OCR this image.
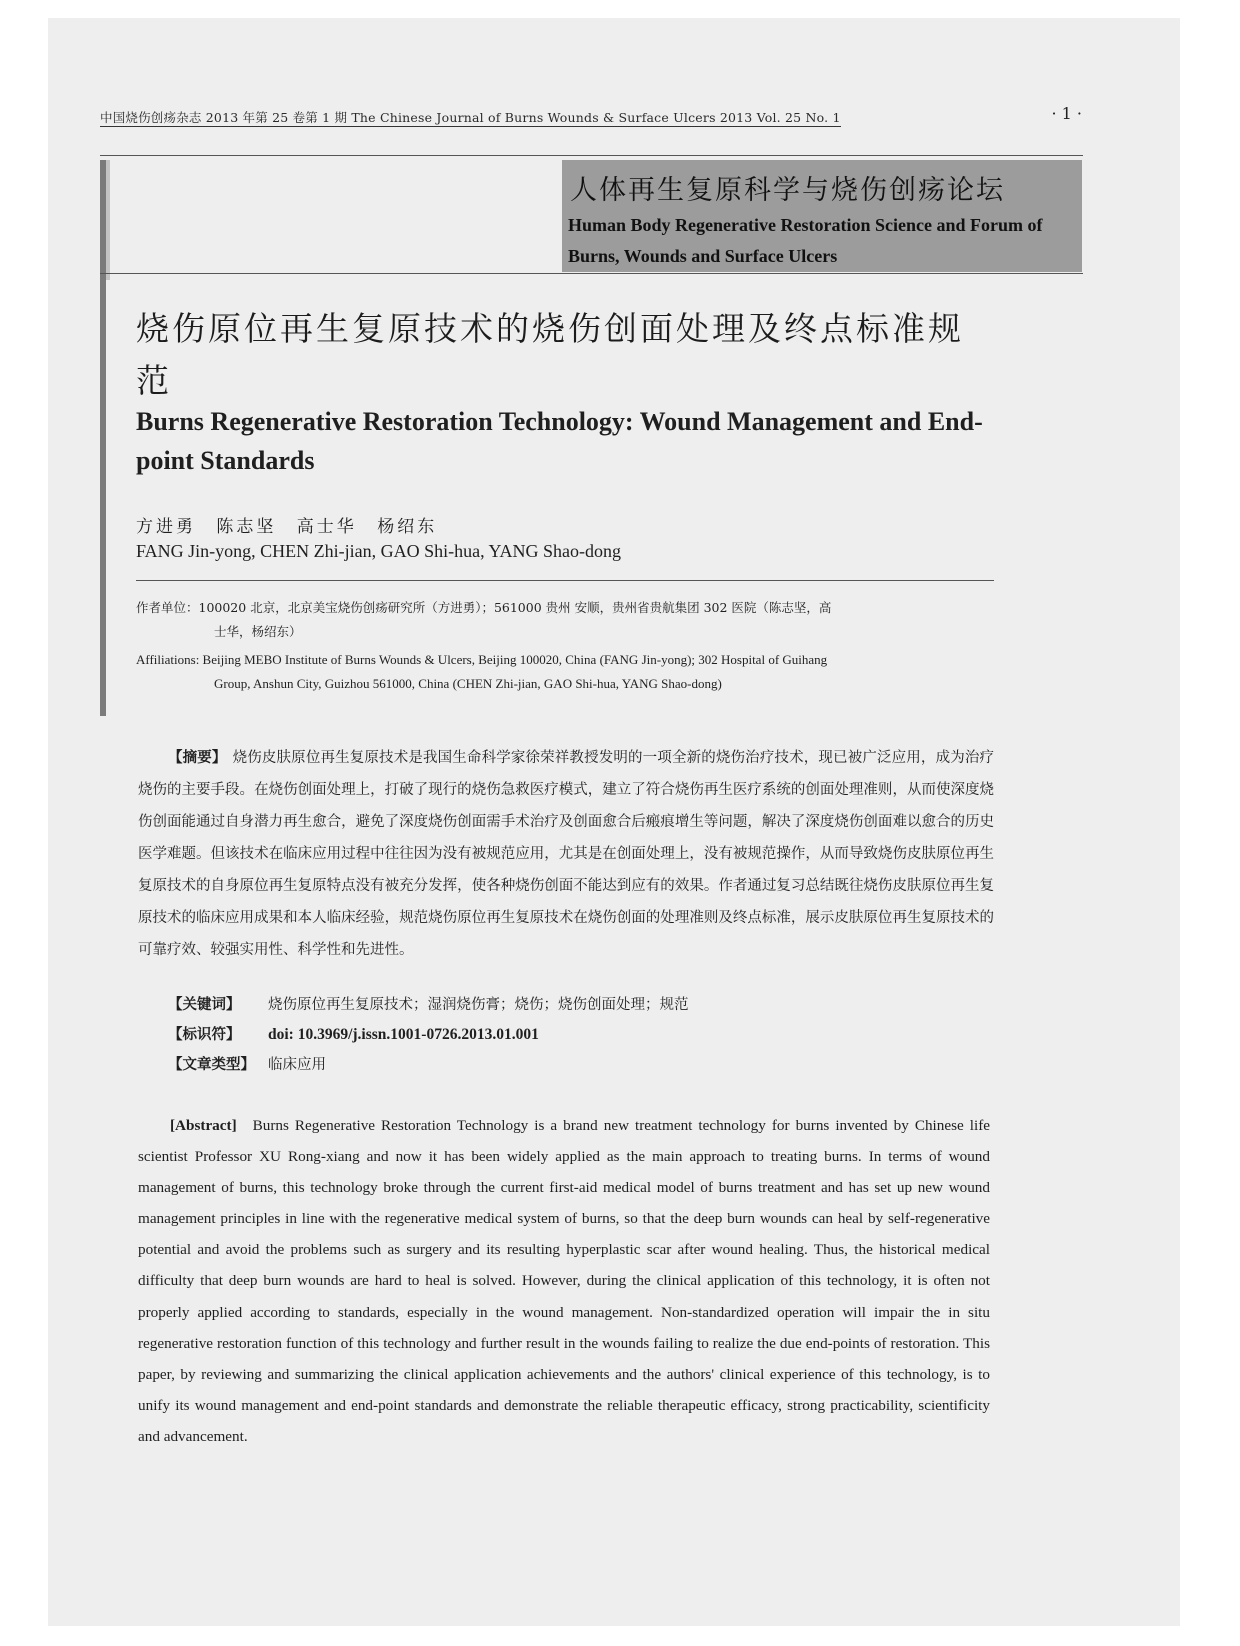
中国烧伤创疡杂志 2013 年第 25 卷第 1 期 The Chinese Journal of Burns Wounds & Surface Ulcers 2013 Vol. 25 No. 1	· 1 ·
人体再生复原科学与烧伤创疡论坛
Human Body Regenerative Restoration Science and Forum of Burns, Wounds and Surface Ulcers
烧伤原位再生复原技术的烧伤创面处理及终点标准规范
Burns Regenerative Restoration Technology: Wound Management and End-point Standards
方进勇 陈志坚 高士华 杨绍东
FANG Jin-yong, CHEN Zhi-jian, GAO Shi-hua, YANG Shao-dong
作者单位：100020 北京，北京美宝烧伤创疡研究所（方进勇）；561000 贵州 安顺，贵州省贵航集团 302 医院（陈志坚，高
士华，杨绍东）
Affiliations: Beijing MEBO Institute of Burns Wounds & Ulcers, Beijing 100020, China (FANG Jin-yong); 302 Hospital of Guihang
Group, Anshun City, Guizhou 561000, China (CHEN Zhi-jian, GAO Shi-hua, YANG Shao-dong)
【摘要】 烧伤皮肤原位再生复原技术是我国生命科学家徐荣祥教授发明的一项全新的烧伤治疗技术，现已被广泛应用，成为治疗烧伤的主要手段。在烧伤创面处理上，打破了现行的烧伤急救医疗模式，建立了符合烧伤再生医疗系统的创面处理准则，从而使深度烧伤创面能通过自身潜力再生愈合，避免了深度烧伤创面需手术治疗及创面愈合后瘢痕增生等问题，解决了深度烧伤创面难以愈合的历史医学难题。但该技术在临床应用过程中往往因为没有被规范应用，尤其是在创面处理上，没有被规范操作，从而导致烧伤皮肤原位再生复原技术的自身原位再生复原特点没有被充分发挥，使各种烧伤创面不能达到应有的效果。作者通过复习总结既往烧伤皮肤原位再生复原技术的临床应用成果和本人临床经验，规范烧伤原位再生复原技术在烧伤创面的处理准则及终点标准，展示皮肤原位再生复原技术的可靠疗效、较强实用性、科学性和先进性。
【关键词】 烧伤原位再生复原技术；湿润烧伤膏；烧伤；烧伤创面处理；规范
【标识符】 doi: 10.3969/j.issn.1001-0726.2013.01.001
【文章类型】 临床应用
[Abstract] Burns Regenerative Restoration Technology is a brand new treatment technology for burns invented by Chinese life scientist Professor XU Rong-xiang and now it has been widely applied as the main approach to treating burns. In terms of wound management of burns, this technology broke through the current first-aid medical model of burns treatment and has set up new wound management principles in line with the regenerative medical system of burns, so that the deep burn wounds can heal by self-regenerative potential and avoid the problems such as surgery and its resulting hyperplastic scar after wound healing. Thus, the historical medical difficulty that deep burn wounds are hard to heal is solved. However, during the clinical application of this technology, it is often not properly applied according to standards, especially in the wound management. Non-standardized operation will impair the in situ regenerative restoration function of this technology and further result in the wounds failing to realize the due end-points of restoration. This paper, by reviewing and summarizing the clinical application achievements and the authors' clinical experience of this technology, is to unify its wound management and end-point standards and demonstrate the reliable therapeutic efficacy, strong practicability, scientificity and advancement.
